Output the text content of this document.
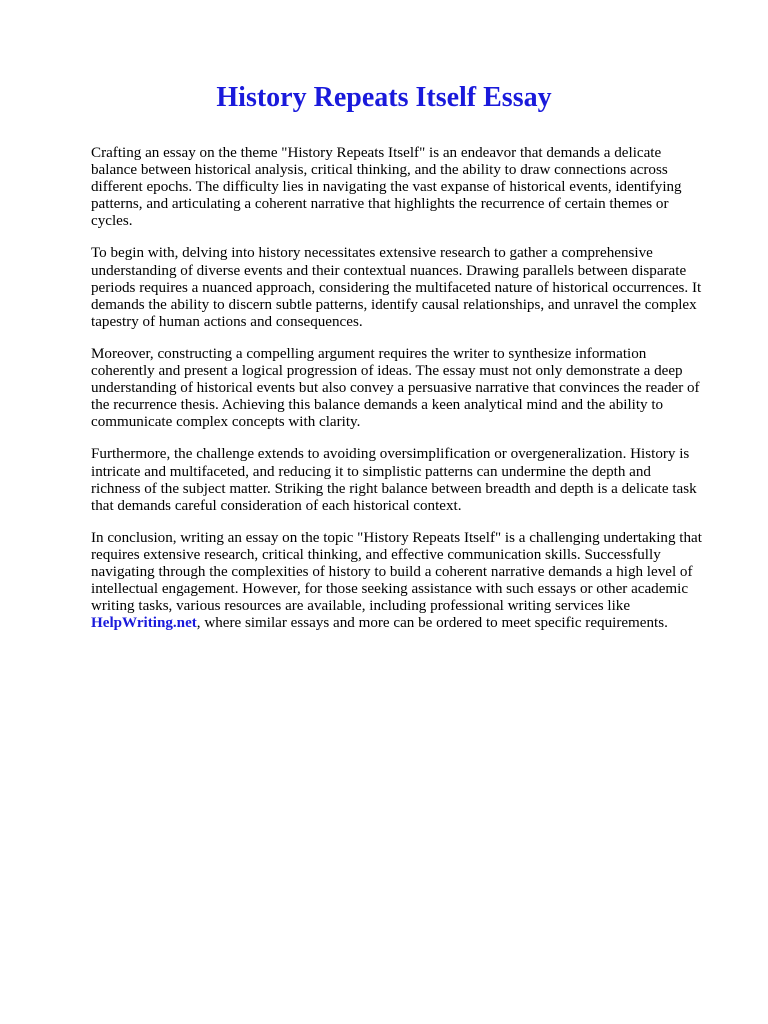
History Repeats Itself Essay

Crafting an essay on the theme "History Repeats Itself" is an endeavor that demands a delicate
balance between historical analysis, critical thinking, and the ability to draw connections across
different epochs. The difficulty lies in navigating the vast expanse of historical events, identifying
patterns, and articulating a coherent narrative that highlights the recurrence of certain themes or
cycles.

To begin with, delving into history necessitates extensive research to gather a comprehensive
understanding of diverse events and their contextual nuances. Drawing parallels between disparate
periods requires a nuanced approach, considering the multifaceted nature of historical occurrences. It
demands the ability to discern subtle patterns, identify causal relationships, and unravel the complex
tapestry of human actions and consequences.

Moreover, constructing a compelling argument requires the writer to synthesize information
coherently and present a logical progression of ideas. The essay must not only demonstrate a deep
understanding of historical events but also convey a persuasive narrative that convinces the reader of
the recurrence thesis. Achieving this balance demands a keen analytical mind and the ability to
communicate complex concepts with clarity.

Furthermore, the challenge extends to avoiding oversimplification or overgeneralization. History is
intricate and multifaceted, and reducing it to simplistic patterns can undermine the depth and
richness of the subject matter. Striking the right balance between breadth and depth is a delicate task
that demands careful consideration of each historical context.

In conclusion, writing an essay on the topic "History Repeats Itself" is a challenging undertaking that
requires extensive research, critical thinking, and effective communication skills. Successfully
navigating through the complexities of history to build a coherent narrative demands a high level of
intellectual engagement. However, for those seeking assistance with such essays or other academic
writing tasks, various resources are available, including professional writing services like
HelpWriting.net, where similar essays and more can be ordered to meet specific requirements.
